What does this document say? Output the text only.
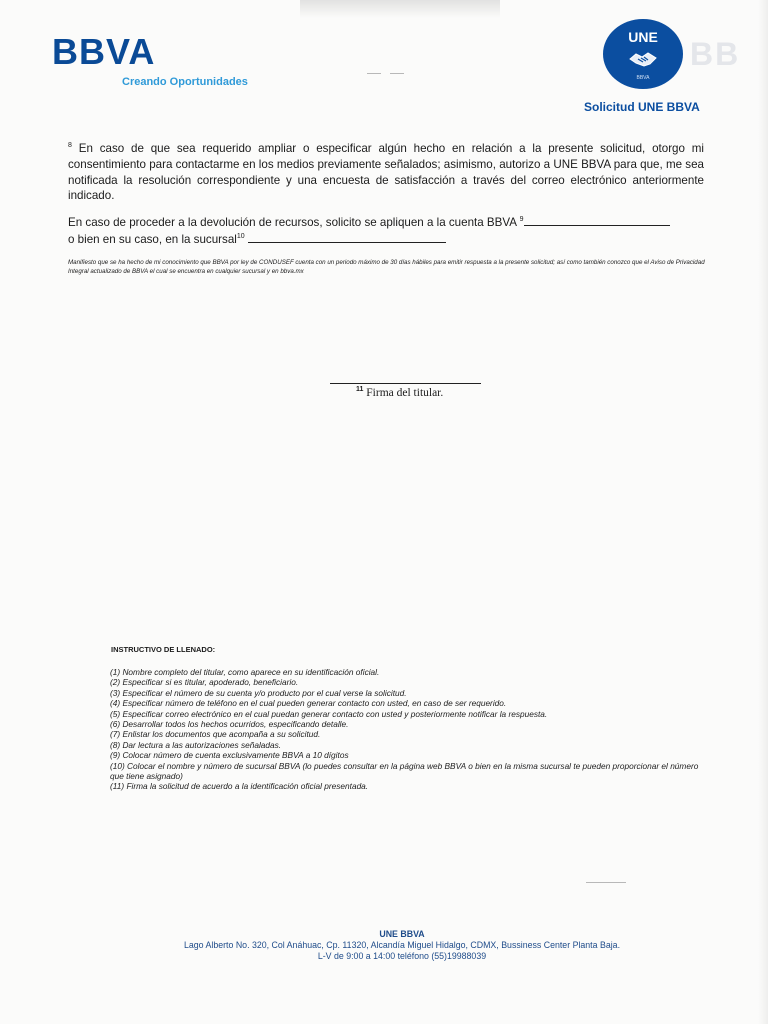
BBVA
Creando Oportunidades
BB
UNE
BBVA
Solicitud UNE BBVA

$^8$ En caso de que sea requerido ampliar o especificar algún hecho en relación a la presente solicitud, otorgo mi consentimiento para contactarme en los medios previamente señalados; asimismo, autorizo a UNE BBVA para que, me sea notificada la resolución correspondiente y una encuesta de satisfacción a través del correo electrónico anteriormente indicado.

En caso de proceder a la devolución de recursos, solicito se apliquen a la cuenta BBVA $^9$
o bien en su caso, en la sucursal$^{10}$

Manifiesto que se ha hecho de mi conocimiento que BBVA por ley de CONDUSEF cuenta con un periodo máximo de 30 días hábiles para emitir respuesta a la presente solicitud; así como también conozco que el Aviso de Privacidad Integral actualizado de BBVA el cual se encuentra en cualquier sucursal y en bbva.mx

$^{11}$ Firma del titular.

INSTRUCTIVO DE LLENADO:

(1) Nombre completo del titular, como aparece en su identificación oficial.
(2) Especificar si es titular, apoderado, beneficiario.
(3) Especificar el número de su cuenta y/o producto por el cual verse la solicitud.
(4) Especificar número de teléfono en el cual pueden generar contacto con usted, en caso de ser requerido.
(5) Especificar correo electrónico en el cual puedan generar contacto con usted y posteriormente notificar la respuesta.
(6) Desarrollar todos los hechos ocurridos, especificando detalle.
(7) Enlistar los documentos que acompaña a su solicitud.
(8) Dar lectura a las autorizaciones señaladas.
(9) Colocar número de cuenta exclusivamente BBVA a 10 dígitos
(10) Colocar el nombre y número de sucursal BBVA (lo puedes consultar en la página web BBVA o bien en la misma sucursal te pueden proporcionar el número que tiene asignado)
(11) Firma la solicitud de acuerdo a la identificación oficial presentada.
UNE BBVA
Lago Alberto No. 320, Col Anáhuac, Cp. 11320, Alcandía Miguel Hidalgo, CDMX, Bussiness Center Planta Baja.
L-V de 9:00 a 14:00 teléfono (55)19988039
